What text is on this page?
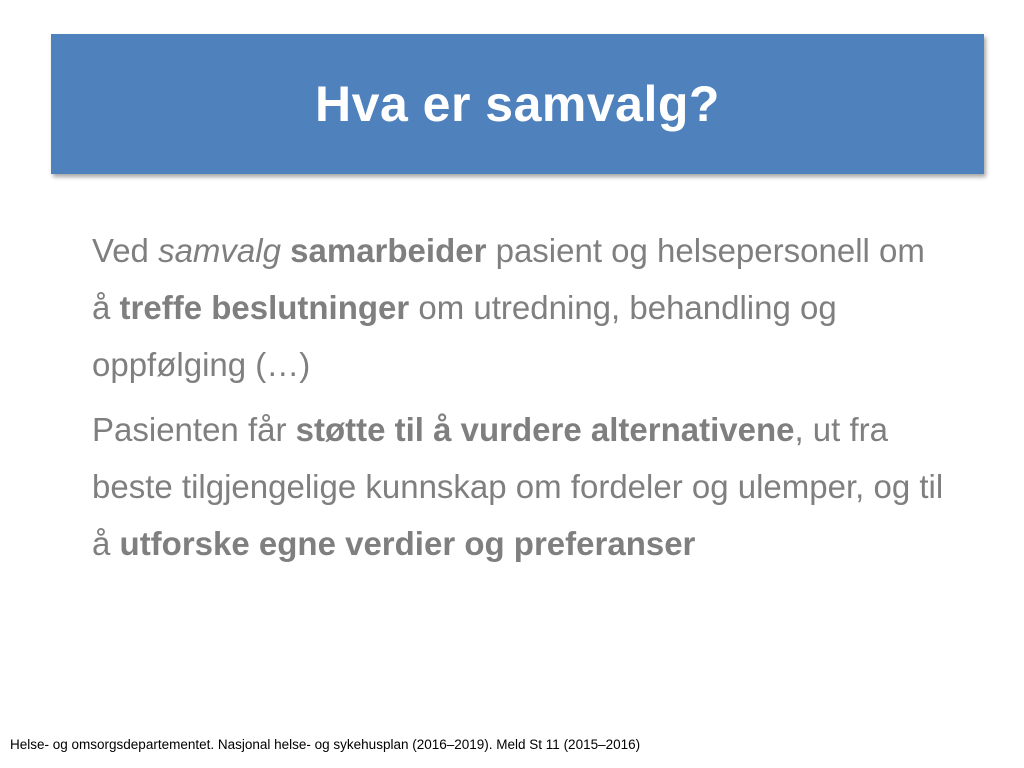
Hva er samvalg?

Ved samvalg samarbeider pasient og helsepersonell om å treffe beslutninger om utredning, behandling og oppfølging (…)

Pasienten får støtte til å vurdere alternativene, ut fra beste tilgjengelige kunnskap om fordeler og ulemper, og til å utforske egne verdier og preferanser

Helse- og omsorgsdepartementet. Nasjonal helse- og sykehusplan (2016–2019). Meld St 11 (2015–2016)
